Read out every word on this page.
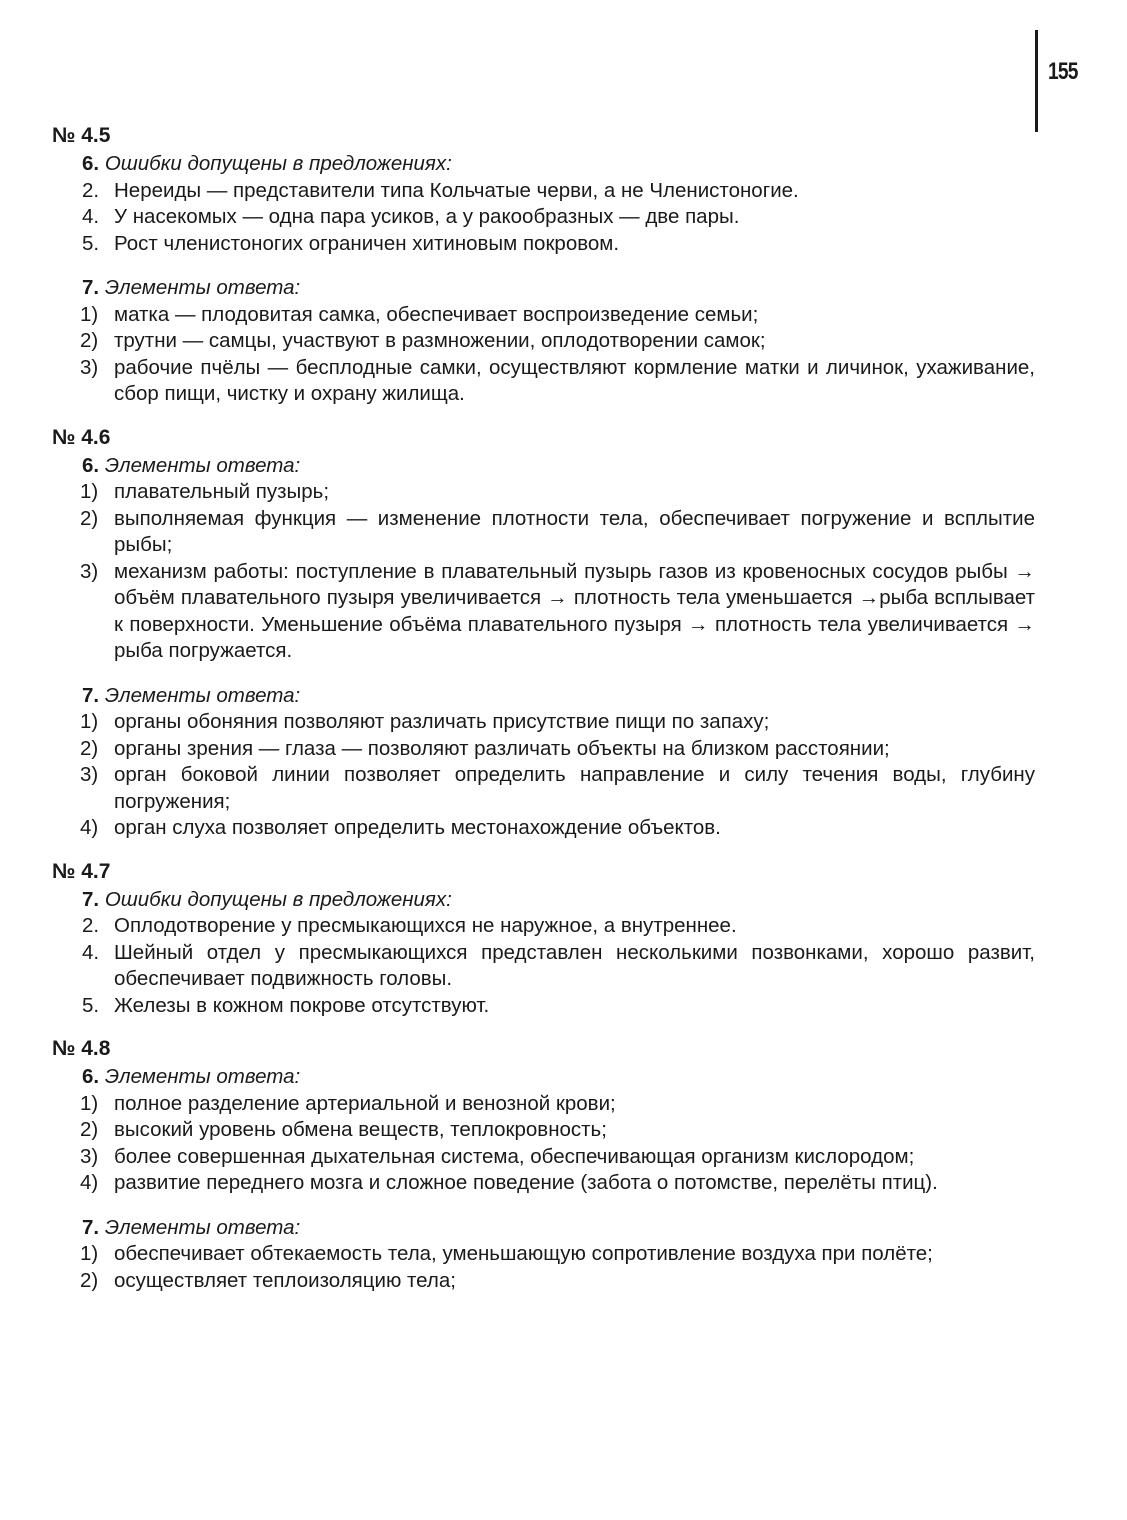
155
№ 4.5
6. Ошибки допущены в предложениях:
2. Нереиды — представители типа Кольчатые черви, а не Членистоногие.
4. У насекомых — одна пара усиков, а у ракообразных — две пары.
5. Рост членистоногих ограничен хитиновым покровом.
7. Элементы ответа:
1) матка — плодовитая самка, обеспечивает воспроизведение семьи;
2) трутни — самцы, участвуют в размножении, оплодотворении самок;
3) рабочие пчёлы — бесплодные самки, осуществляют кормление матки и личинок, ухаживание, сбор пищи, чистку и охрану жилища.
№ 4.6
6. Элементы ответа:
1) плавательный пузырь;
2) выполняемая функция — изменение плотности тела, обеспечивает погружение и всплытие рыбы;
3) механизм работы: поступление в плавательный пузырь газов из кровеносных сосудов рыбы → объём плавательного пузыря увеличивается → плотность тела уменьшается →рыба всплывает к поверхности. Уменьшение объёма плавательного пузыря → плотность тела увеличивается → рыба погружается.
7. Элементы ответа:
1) органы обоняния позволяют различать присутствие пищи по запаху;
2) органы зрения — глаза — позволяют различать объекты на близком расстоянии;
3) орган боковой линии позволяет определить направление и силу течения воды, глубину погружения;
4) орган слуха позволяет определить местонахождение объектов.
№ 4.7
7. Ошибки допущены в предложениях:
2. Оплодотворение у пресмыкающихся не наружное, а внутреннее.
4. Шейный отдел у пресмыкающихся представлен несколькими позвонками, хорошо развит, обеспечивает подвижность головы.
5. Железы в кожном покрове отсутствуют.
№ 4.8
6. Элементы ответа:
1) полное разделение артериальной и венозной крови;
2) высокий уровень обмена веществ, теплокровность;
3) более совершенная дыхательная система, обеспечивающая организм кислородом;
4) развитие переднего мозга и сложное поведение (забота о потомстве, перелёты птиц).
7. Элементы ответа:
1) обеспечивает обтекаемость тела, уменьшающую сопротивление воздуха при полёте;
2) осуществляет теплоизоляцию тела;
